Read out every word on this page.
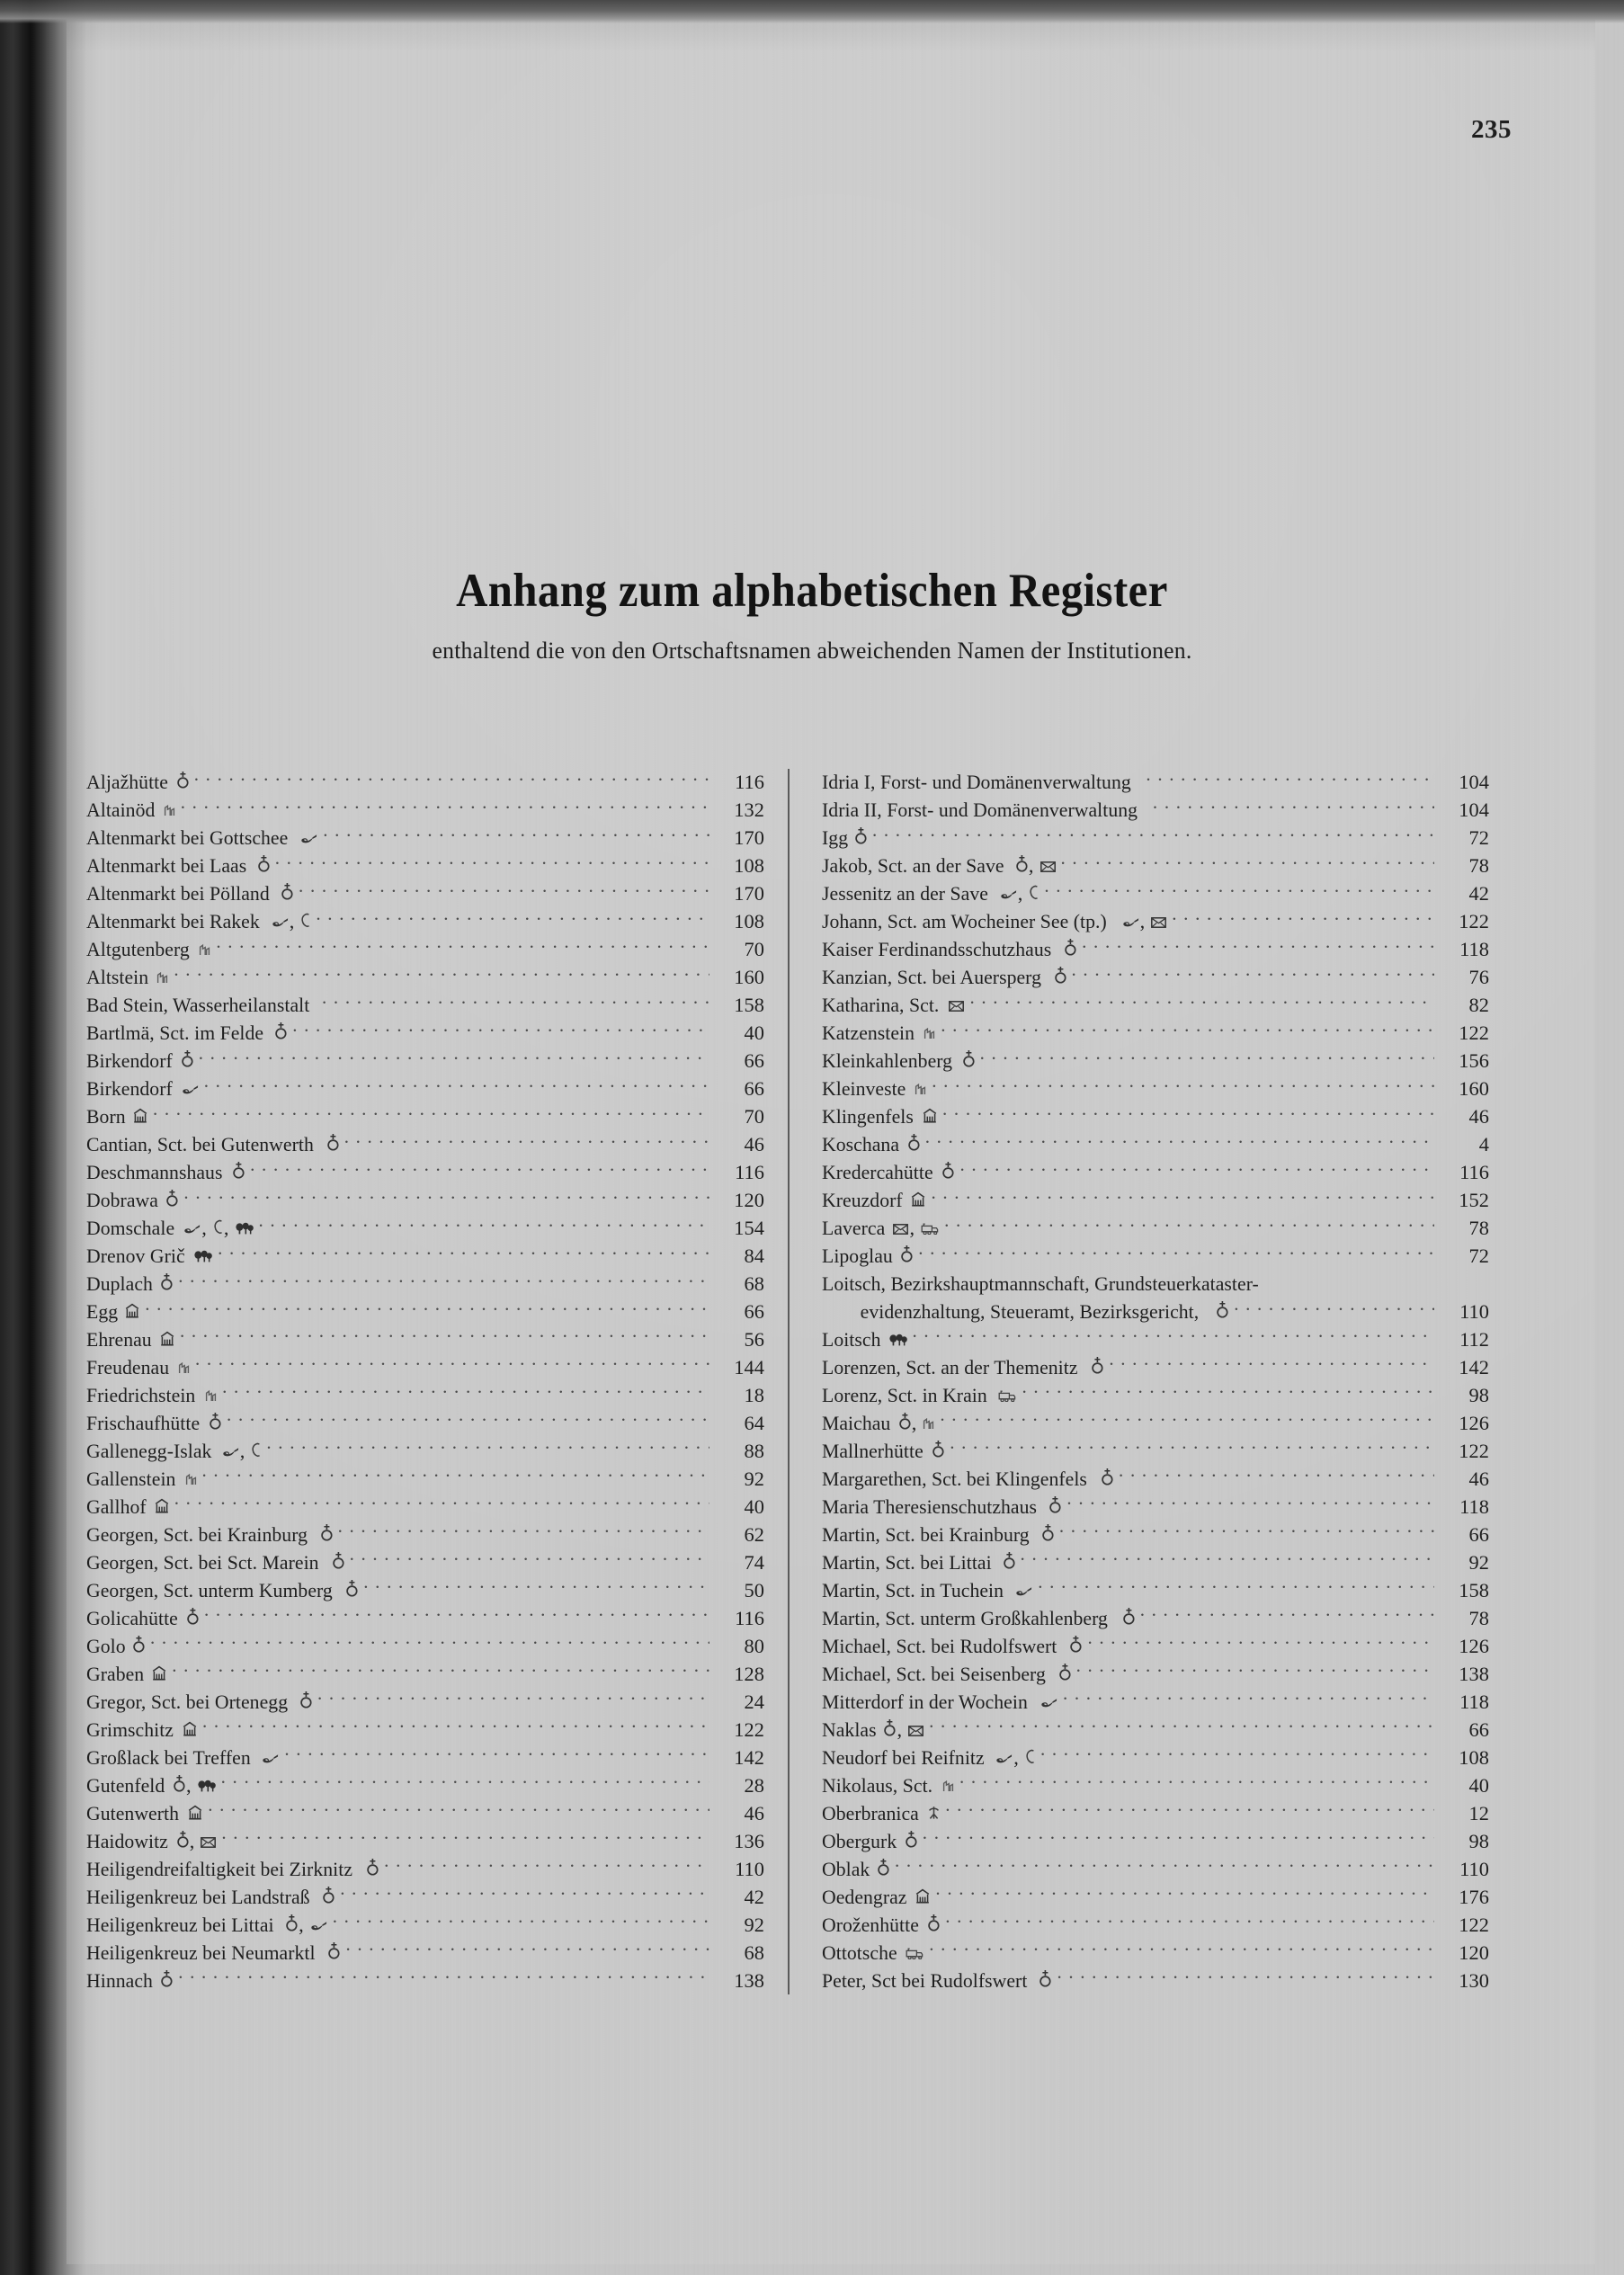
235
Anhang zum alphabetischen Register
enthaltend die von den Ortschaftsnamen abweichenden Namen der Institutionen.
Aljažhütte . . .	116
Altainöd . . .	132
Altenmarkt bei Gottschee . . .	170
Altenmarkt bei Laas . . .	108
Altenmarkt bei Pölland . . .	170
Altenmarkt bei Rakek , . . .	108
Altgutenberg . . .	70
Altstein . . .	160
Bad Stein, Wasserheilanstalt . . .	158
Bartlmä, Sct. im Felde . . .	40
Birkendorf . . .	66
Birkendorf . . .	66
Born . . .	70
Cantian, Sct. bei Gutenwerth . . .	46
Deschmannshaus . . .	116
Dobrawa . . .	120
Domschale , , . . .	154
Drenov Grič . . .	84
Duplach . . .	68
Egg . . .	66
Ehrenau . . .	56
Freudenau . . .	144
Friedrichstein . . .	18
Frischaufhütte . . .	64
Gallenegg-Islak , . . .	88
Gallenstein . . .	92
Gallhof . . .	40
Georgen, Sct. bei Krainburg . . .	62
Georgen, Sct. bei Sct. Marein . . .	74
Georgen, Sct. unterm Kumberg . . .	50
Golicahütte . . .	116
Golo . . .	80
Graben . . .	128
Gregor, Sct. bei Ortenegg . . .	24
Grimschitz . . .	122
Großlack bei Treffen . . .	142
Gutenfeld , . . .	28
Gutenwerth . . .	46
Haidowitz , . . .	136
Heiligendreifaltigkeit bei Zirknitz . . .	110
Heiligenkreuz bei Landstraß . . .	42
Heiligenkreuz bei Littai , . . .	92
Heiligenkreuz bei Neumarktl . . .	68
Hinnach . . .	138
Idria I, Forst- und Domänenverwaltung . . .	104
Idria II, Forst- und Domänenverwaltung . . .	104
Igg . . .	72
Jakob, Sct. an der Save , . . .	78
Jessenitz an der Save , . . .	42
Johann, Sct. am Wocheiner See (tp.) , . . .	122
Kaiser Ferdinandsschutzhaus . . .	118
Kanzian, Sct. bei Auersperg . . .	76
Katharina, Sct. . . .	82
Katzenstein . . .	122
Kleinkahlenberg . . .	156
Kleinveste . . .	160
Klingenfels . . .	46
Koschana . . .	4
Kredercahütte . . .	116
Kreuzdorf . . .	152
Laverca , . . .	78
Lipoglau . . .	72
Loitsch, Bezirkshauptmannschaft, Grundsteuerkataster-
evidenzhaltung, Steueramt, Bezirksgericht, . . .	110
Loitsch . . .	112
Lorenzen, Sct. an der Themenitz . . .	142
Lorenz, Sct. in Krain . . .	98
Maichau , . . .	126
Mallnerhütte . . .	122
Margarethen, Sct. bei Klingenfels . . .	46
Maria Theresienschutzhaus . . .	118
Martin, Sct. bei Krainburg . . .	66
Martin, Sct. bei Littai . . .	92
Martin, Sct. in Tuchein . . .	158
Martin, Sct. unterm Großkahlenberg . . .	78
Michael, Sct. bei Rudolfswert . . .	126
Michael, Sct. bei Seisenberg . . .	138
Mitterdorf in der Wochein . . .	118
Naklas , . . .	66
Neudorf bei Reifnitz , . . .	108
Nikolaus, Sct. . . .	40
Oberbranica . . .	12
Obergurk . . .	98
Oblak . . .	110
Oedengraz . . .	176
Oroženhütte . . .	122
Ottotsche . . .	120
Peter, Sct bei Rudolfswert . . .	130
